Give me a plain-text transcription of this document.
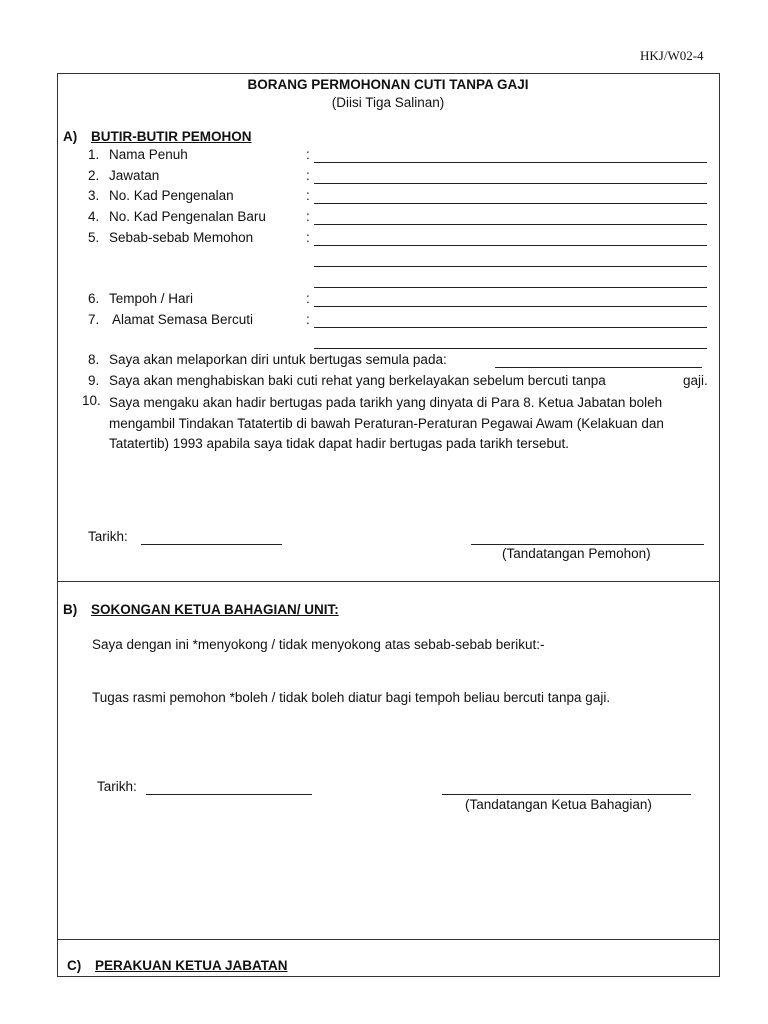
HKJ/W02-4
BORANG PERMOHONAN CUTI TANPA GAJI
(Diisi Tiga Salinan)
A) BUTIR-BUTIR PEMOHON
1. Nama Penuh	:
2. Jawatan	:
3. No. Kad Pengenalan	:
4. No. Kad Pengenalan Baru	:
5. Sebab-sebab Memohon	:
6. Tempoh / Hari	:
7. Alamat Semasa Bercuti	:
8. Saya akan melaporkan diri untuk bertugas semula pada:
9. Saya akan menghabiskan baki cuti rehat yang berkelayakan sebelum bercuti tanpa	gaji.
10. Saya mengaku akan hadir bertugas pada tarikh yang dinyata di Para 8. Ketua Jabatan boleh mengambil Tindakan Tatatertib di bawah Peraturan-Peraturan Pegawai Awam (Kelakuan dan Tatatertib) 1993 apabila saya tidak dapat hadir bertugas pada tarikh tersebut.
Tarikh:
(Tandatangan Pemohon)
B) SOKONGAN KETUA BAHAGIAN/ UNIT:
Saya dengan ini *menyokong / tidak menyokong atas sebab-sebab berikut:-
Tugas rasmi pemohon *boleh / tidak boleh diatur bagi tempoh beliau bercuti tanpa gaji.
Tarikh:
(Tandatangan Ketua Bahagian)
C) PERAKUAN KETUA JABATAN
